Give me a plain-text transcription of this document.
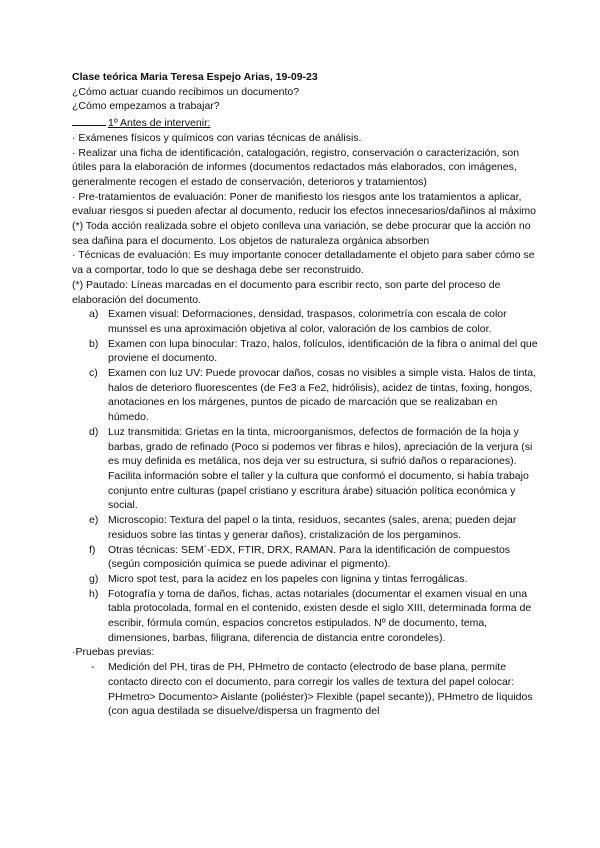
Clase teórica Maria Teresa Espejo Arias, 19-09-23

¿Cómo actuar cuando recibimos un documento?

¿Cómo empezamos a trabajar?

1º Antes de intervenir:

· Exámenes físicos y químicos con varias técnicas de análisis.

· Realizar una ficha de identificación, catalogación, registro, conservación o caracterización, son útiles para la elaboración de informes (documentos redactados más elaborados, con imágenes, generalmente recogen el estado de conservación, deterioros y tratamientos)

· Pre-tratamientos de evaluación: Poner de manifiesto los riesgos ante los tratamientos a aplicar, evaluar riesgos si pueden afectar al documento, reducir los efectos innecesarios/dañinos al máximo

(*) Toda acción realizada sobre el objeto conlleva una variación, se debe procurar que la acción no sea dañina para el documento. Los objetos de naturaleza orgánica absorben

· Técnicas de evaluación: Es muy importante conocer detalladamente el objeto para saber cómo se va a comportar, todo lo que se deshaga debe ser reconstruido.

(*) Pautado: Líneas marcadas en el documento para escribir recto, son parte del proceso de elaboración del documento.

a) Examen visual: Deformaciones, densidad, traspasos, colorimetría con escala de color munssel es una aproximación objetiva al color, valoración de los cambios de color.
b) Examen con lupa binocular: Trazo, halos, folículos, identificación de la fibra o animal del que proviene el documento.
c) Examen con luz UV: Puede provocar daños, cosas no visibles a simple vista. Halos de tinta, halos de deterioro fluorescentes (de Fe3 a Fe2, hidrólisis), acidez de tintas, foxing, hongos, anotaciones en los márgenes, puntos de picado de marcación que se realizaban en húmedo.
d) Luz transmitida: Grietas en la tinta, microorganismos, defectos de formación de la hoja y barbas, grado de refinado (Poco si podemos ver fibras e hilos), apreciación de la verjura (si es muy definida es metálica, nos deja ver su estructura, si sufrió daños o reparaciones). Facilita información sobre el taller y la cultura que conformó el documento, si había trabajo conjunto entre culturas (papel cristiano y escritura árabe) situación política económica y social.
e) Microscopio: Textura del papel o la tinta, residuos, secantes (sales, arena; pueden dejar residuos sobre las tintas y generar daños), cristalización de los pergaminos.
f) Otras técnicas: SEM´-EDX, FTIR, DRX, RAMAN. Para la identificación de compuestos (según composición química se puede adivinar el pigmento).
g) Micro spot test, para la acidez en los papeles con lignina y tintas ferrogálicas.
h) Fotografía y toma de daños, fichas, actas notariales (documentar el examen visual en una tabla protocolada, formal en el contenido, existen desde el siglo XIII, determinada forma de escribir, fórmula común, espacios concretos estipulados. Nº de documento, tema, dimensiones, barbas, filigrana, diferencia de distancia entre corondeles).

·Pruebas previas:

- Medición del PH, tiras de PH, PHmetro de contacto (electrodo de base plana, permite contacto directo con el documento, para corregir los valles de textura del papel colocar: PHmetro> Documento> Aislante (poliéster)> Flexible (papel secante)), PHmetro de líquidos (con agua destilada se disuelve/dispersa un fragmento del
